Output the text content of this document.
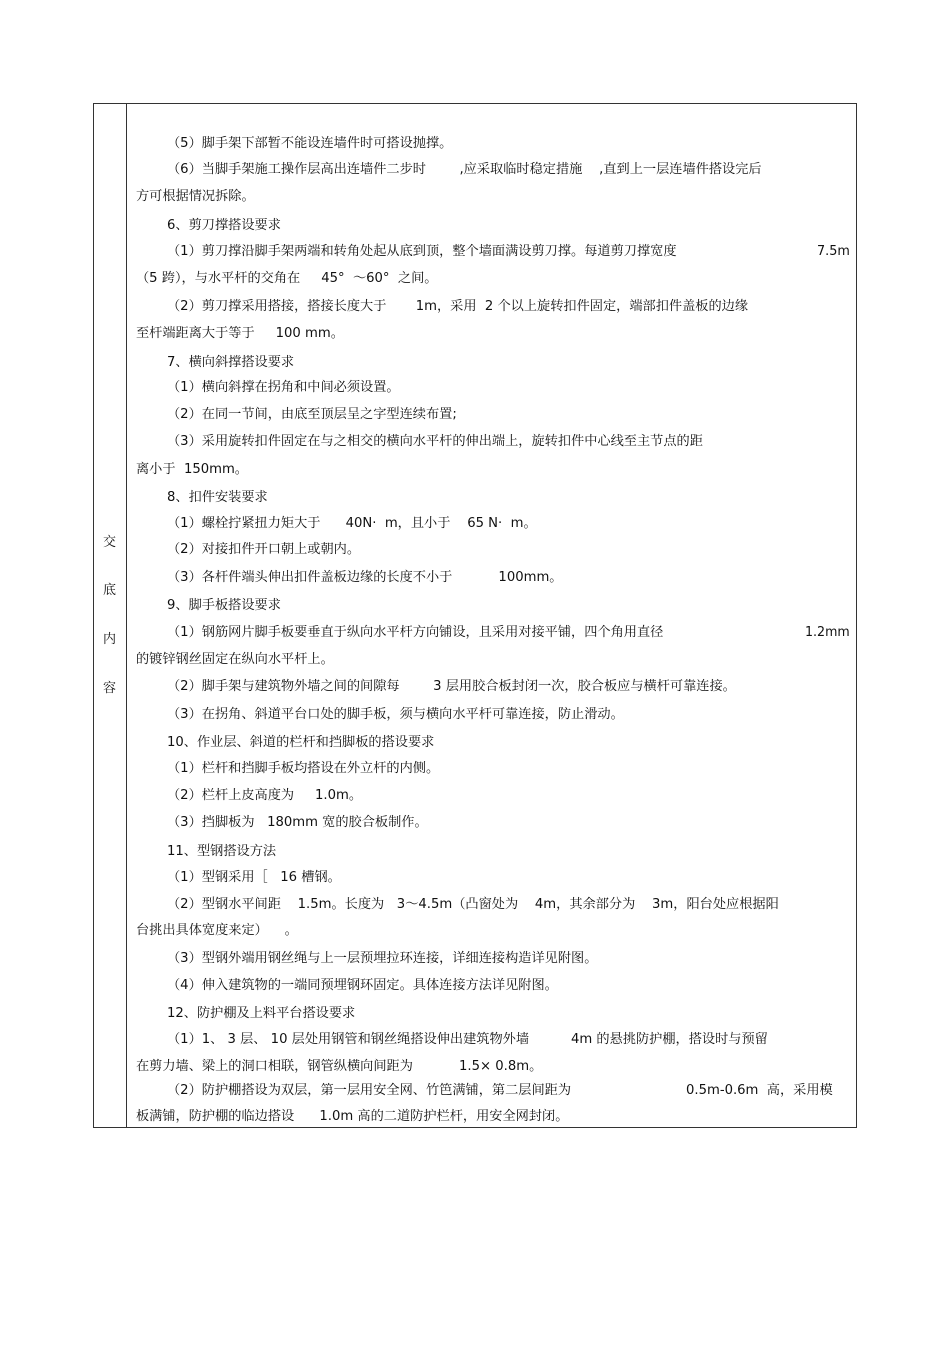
交
底
内
容
（5）脚手架下部暂不能设连墙件时可搭设抛撑。
（6）当脚手架施工操作层高出连墙件二步时        ,应采取临时稳定措施    ,直到上一层连墙件搭设完后
方可根据情况拆除。
6、剪刀撑搭设要求
（1）剪刀撑沿脚手架两端和转角处起从底到顶，整个墙面满设剪刀撑。每道剪刀撑宽度	7.5m
（5 跨），与水平杆的交角在     45°  ～60°  之间。
（2）剪刀撑采用搭接，搭接长度大于       1m，采用  2 个以上旋转扣件固定，端部扣件盖板的边缘
至杆端距离大于等于     100 mm。
7、横向斜撑搭设要求
（1）横向斜撑在拐角和中间必须设置。
（2）在同一节间，由底至顶层呈之字型连续布置;
（3）采用旋转扣件固定在与之相交的横向水平杆的伸出端上，旋转扣件中心线至主节点的距
离小于  150mm。
8、扣件安装要求
（1）螺栓拧紧扭力矩大于      40N·  m，且小于    65 N·  m。
（2）对接扣件开口朝上或朝内。
（3）各杆件端头伸出扣件盖板边缘的长度不小于           100mm。
9、脚手板搭设要求
（1）钢筋网片脚手板要垂直于纵向水平杆方向铺设，且采用对接平铺，四个角用直径	1.2mm
的镀锌钢丝固定在纵向水平杆上。
（2）脚手架与建筑物外墙之间的间隙每        3 层用胶合板封闭一次，胶合板应与横杆可靠连接。
（3）在拐角、斜道平台口处的脚手板，须与横向水平杆可靠连接，防止滑动。
10、作业层、斜道的栏杆和挡脚板的搭设要求
（1）栏杆和挡脚手板均搭设在外立杆的内侧。
（2）栏杆上皮高度为     1.0m。
（3）挡脚板为   180mm 宽的胶合板制作。
11、型钢搭设方法
（1）型钢采用［   16 槽钢。
（2）型钢水平间距    1.5m。长度为   3～4.5m（凸窗处为    4m，其余部分为    3m，阳台处应根据阳
台挑出具体宽度来定）    。
（3）型钢外端用钢丝绳与上一层预埋拉环连接，详细连接构造详见附图。
（4）伸入建筑物的一端同预埋钢环固定。具体连接方法详见附图。
12、防护棚及上料平台搭设要求
（1）1、 3 层、 10 层处用钢管和钢丝绳搭设伸出建筑物外墙          4m 的悬挑防护棚，搭设时与预留
在剪力墙、梁上的洞口相联，钢管纵横向间距为           1.5× 0.8m。
（2）防护棚搭设为双层，第一层用安全网、竹笆满铺，第二层间距为	0.5m-0.6m  高，采用模
板满铺，防护棚的临边搭设      1.0m 高的二道防护栏杆，用安全网封闭。
